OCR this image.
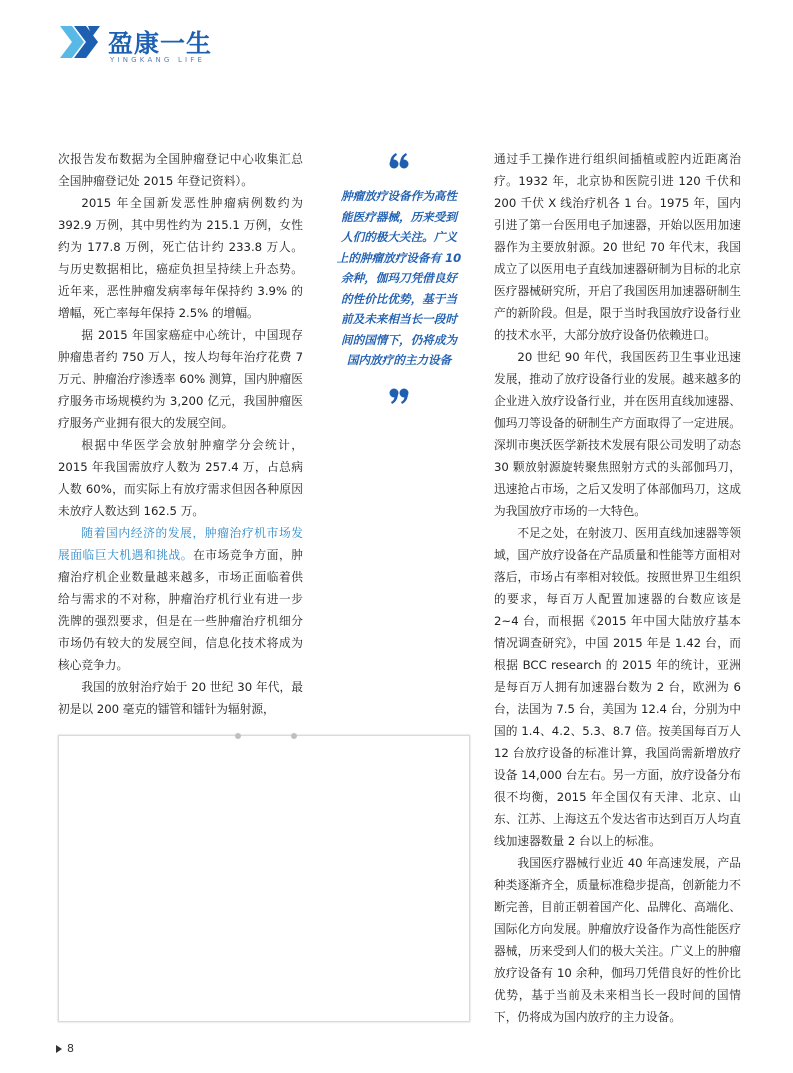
盈康一生
YINGKANG LIFE

次报告发布数据为全国肿瘤登记中心收集汇总全国肿瘤登记处 2015 年登记资料）。

2015 年全国新发恶性肿瘤病例数约为 392.9 万例，其中男性约为 215.1 万例，女性约为 177.8 万例，死亡估计约 233.8 万人。与历史数据相比，癌症负担呈持续上升态势。近年来，恶性肿瘤发病率每年保持约 3.9% 的增幅，死亡率每年保持 2.5% 的增幅。

据 2015 年国家癌症中心统计，中国现存肿瘤患者约 750 万人，按人均每年治疗花费 7 万元、肿瘤治疗渗透率 60% 测算，国内肿瘤医疗服务市场规模约为 3,200 亿元，我国肿瘤医疗服务产业拥有很大的发展空间。

根据中华医学会放射肿瘤学分会统计，2015 年我国需放疗人数为 257.4 万，占总病人数 60%，而实际上有放疗需求但因各种原因未放疗人数达到 162.5 万。

随着国内经济的发展，肿瘤治疗机市场发展面临巨大机遇和挑战。在市场竞争方面，肿瘤治疗机企业数量越来越多，市场正面临着供给与需求的不对称，肿瘤治疗机行业有进一步洗牌的强烈要求，但是在一些肿瘤治疗机细分市场仍有较大的发展空间，信息化技术将成为核心竞争力。

我国的放射治疗始于 20 世纪 30 年代，最初是以 200 毫克的镭管和镭针为辐射源，

肿瘤放疗设备作为高性能医疗器械，历来受到人们的极大关注。广义上的肿瘤放疗设备有 10 余种，伽玛刀凭借良好的性价比优势，基于当前及未来相当长一段时间的国情下，仍将成为国内放疗的主力设备

通过手工操作进行组织间插植或腔内近距离治疗。1932 年，北京协和医院引进 120 千伏和 200 千伏 X 线治疗机各 1 台。1975 年，国内引进了第一台医用电子加速器，开始以医用加速器作为主要放射源。20 世纪 70 年代末，我国成立了以医用电子直线加速器研制为目标的北京医疗器械研究所，开启了我国医用加速器研制生产的新阶段。但是，限于当时我国放疗设备行业的技术水平，大部分放疗设备仍依赖进口。

20 世纪 90 年代，我国医药卫生事业迅速发展，推动了放疗设备行业的发展。越来越多的企业进入放疗设备行业，并在医用直线加速器、伽玛刀等设备的研制生产方面取得了一定进展。深圳市奥沃医学新技术发展有限公司发明了动态 30 颗放射源旋转聚焦照射方式的头部伽玛刀，迅速抢占市场，之后又发明了体部伽玛刀，这成为我国放疗市场的一大特色。

不足之处，在射波刀、医用直线加速器等领域，国产放疗设备在产品质量和性能等方面相对落后，市场占有率相对较低。按照世界卫生组织的要求，每百万人配置加速器的台数应该是 2~4 台，而根据《2015 年中国大陆放疗基本情况调查研究》，中国 2015 年是 1.42 台，而根据 BCC research 的 2015 年的统计，亚洲是每百万人拥有加速器台数为 2 台，欧洲为 6 台，法国为 7.5 台，美国为 12.4 台，分别为中国的 1.4、4.2、5.3、8.7 倍。按美国每百万人 12 台放疗设备的标准计算，我国尚需新增放疗设备 14,000 台左右。另一方面，放疗设备分布很不均衡，2015 年全国仅有天津、北京、山东、江苏、上海这五个发达省市达到百万人均直线加速器数量 2 台以上的标准。

我国医疗器械行业近 40 年高速发展，产品种类逐渐齐全，质量标准稳步提高，创新能力不断完善，目前正朝着国产化、品牌化、高端化、国际化方向发展。肿瘤放疗设备作为高性能医疗器械，历来受到人们的极大关注。广义上的肿瘤放疗设备有 10 余种，伽玛刀凭借良好的性价比优势，基于当前及未来相当长一段时间的国情下，仍将成为国内放疗的主力设备。

8
